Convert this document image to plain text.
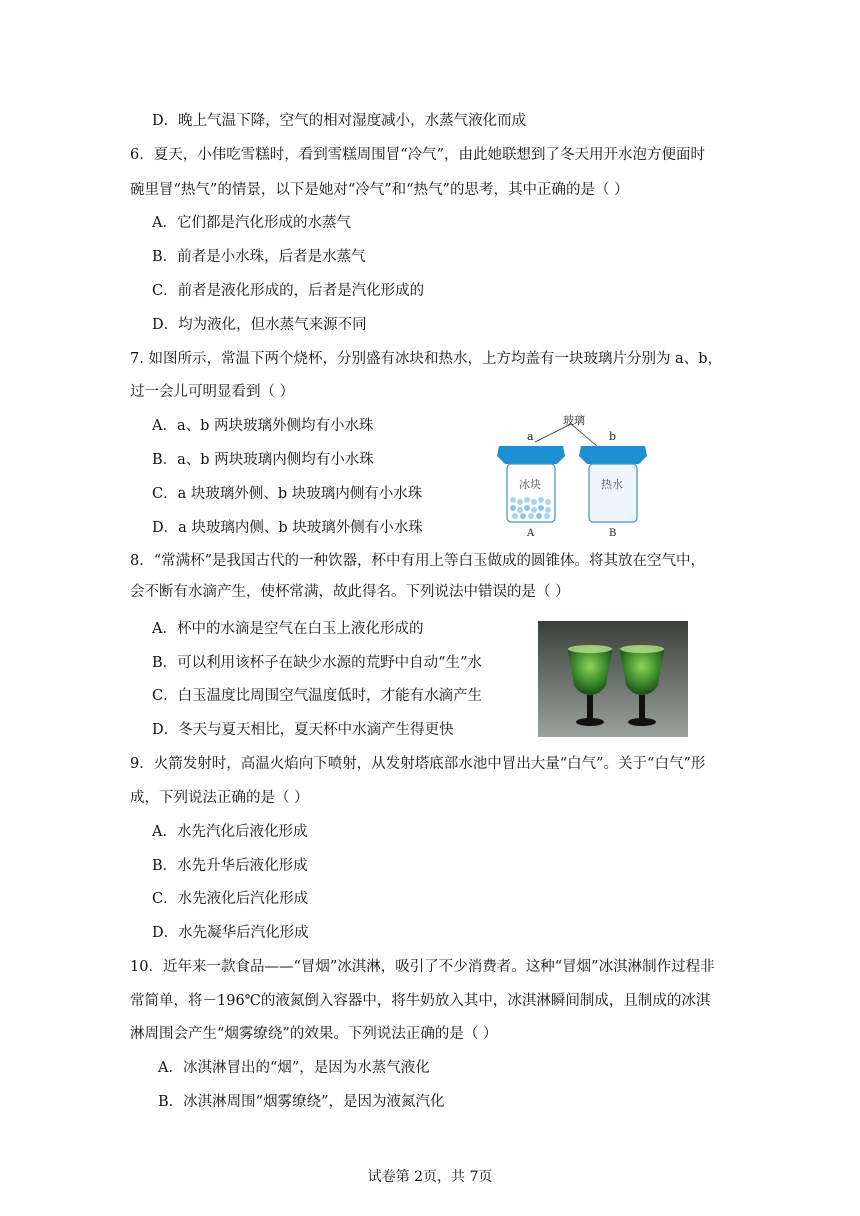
D．晚上气温下降，空气的相对湿度减小，水蒸气液化而成
6．夏天，小伟吃雪糕时，看到雪糕周围冒“冷气”，由此她联想到了冬天用开水泡方便面时
碗里冒“热气”的情景，以下是她对“冷气”和“热气”的思考，其中正确的是（ ）
A．它们都是汽化形成的水蒸气
B．前者是小水珠，后者是水蒸气
C．前者是液化形成的，后者是汽化形成的
D．均为液化，但水蒸气来源不同
7. 如图所示，常温下两个烧杯，分别盛有冰块和热水，上方均盖有一块玻璃片分别为 a、b，
过一会儿可明显看到（ ）
A．a、b 两块玻璃外侧均有小水珠
B．a、b 两块玻璃内侧均有小水珠
C．a 块玻璃外侧、b 块玻璃内侧有小水珠
D．a 块玻璃内侧、b 块玻璃外侧有小水珠
8．“常满杯”是我国古代的一种饮器，杯中有用上等白玉做成的圆锥体。将其放在空气中，
会不断有水滴产生，使杯常满，故此得名。下列说法中错误的是（ ）
A．杯中的水滴是空气在白玉上液化形成的
B．可以利用该杯子在缺少水源的荒野中自动“生”水
C．白玉温度比周围空气温度低时，才能有水滴产生
D．冬天与夏天相比，夏天杯中水滴产生得更快
9．火箭发射时，高温火焰向下喷射，从发射塔底部水池中冒出大量“白气”。关于“白气”形
成，下列说法正确的是（ ）
A．水先汽化后液化形成
B．水先升华后液化形成
C．水先液化后汽化形成
D．水先凝华后汽化形成
10．近年来一款食品——“冒烟”冰淇淋，吸引了不少消费者。这种“冒烟”冰淇淋制作过程非
常简单，将－196℃的液氮倒入容器中，将牛奶放入其中，冰淇淋瞬间制成，且制成的冰淇
淋周围会产生“烟雾缭绕”的效果。下列说法正确的是（ ）
A．冰淇淋冒出的“烟”，是因为水蒸气液化
B．冰淇淋周围“烟雾缭绕”，是因为液氮汽化
玻璃
a	b
冰块	热水
A	B
试卷第 2页，共 7页
